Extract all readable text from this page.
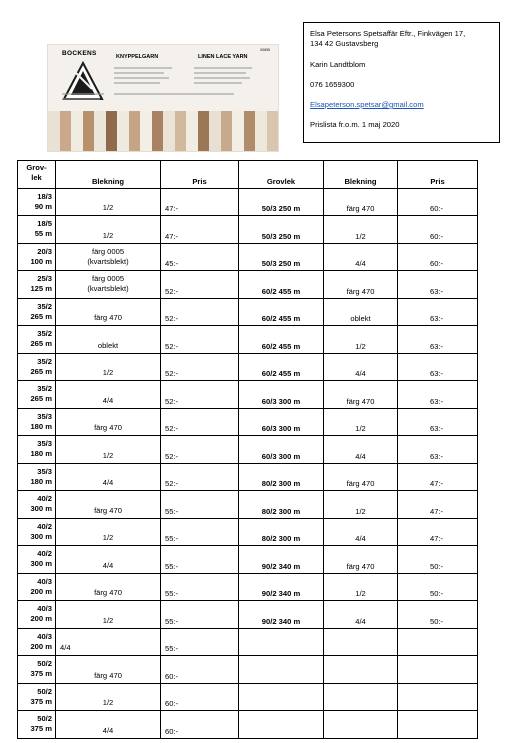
BOCKENS	KNYPPELGARN	LINEN LACE YARN
00655

Elsa Petersons Spetsaffär Eftr., Finkvägen 17,

134 42 Gustavsberg

Karin Landtblom

076 1659300

Elsapeterson.spetsar@gmail.com

Prislista fr.o.m. 1 maj 2020

Grov-
lek	Blekning	Pris	Grovlek	Blekning	Pris
18/3
90 m	1/2	47:-	50/3 250 m	färg 470	60:-
18/5
55 m	1/2	47:-	50/3 250 m	1/2	60:-
20/3
100 m	färg 0005
(kvartsblekt)	45:-	50/3 250 m	4/4	60:-
25/3
125 m	färg 0005
(kvartsblekt)	52:-	60/2 455 m	färg 470	63:-
35/2
265 m	färg 470	52:-	60/2 455 m	oblekt	63:-
35/2
265 m	oblekt	52:-	60/2 455 m	1/2	63:-
35/2
265 m	1/2	52:-	60/2 455 m	4/4	63:-
35/2
265 m	4/4	52:-	60/3 300 m	färg 470	63:-
35/3
180 m	färg 470	52:-	60/3 300 m	1/2	63:-
35/3
180 m	1/2	52:-	60/3 300 m	4/4	63:-
35/3
180 m	4/4	52:-	80/2 300 m	färg 470	47:-
40/2
300 m	färg 470	55:-	80/2 300 m	1/2	47:-
40/2
300 m	1/2	55:-	80/2 300 m	4/4	47:-
40/2
300 m	4/4	55:-	90/2 340 m	färg 470	50:-
40/3
200 m	färg 470	55:-	90/2 340 m	1/2	50:-
40/3
200 m	1/2	55:-	90/2 340 m	4/4	50:-
40/3
200 m	4/4	55:-			
50/2
375 m	färg 470	60:-			
50/2
375 m	1/2	60:-			
50/2
375 m	4/4	60:-			
